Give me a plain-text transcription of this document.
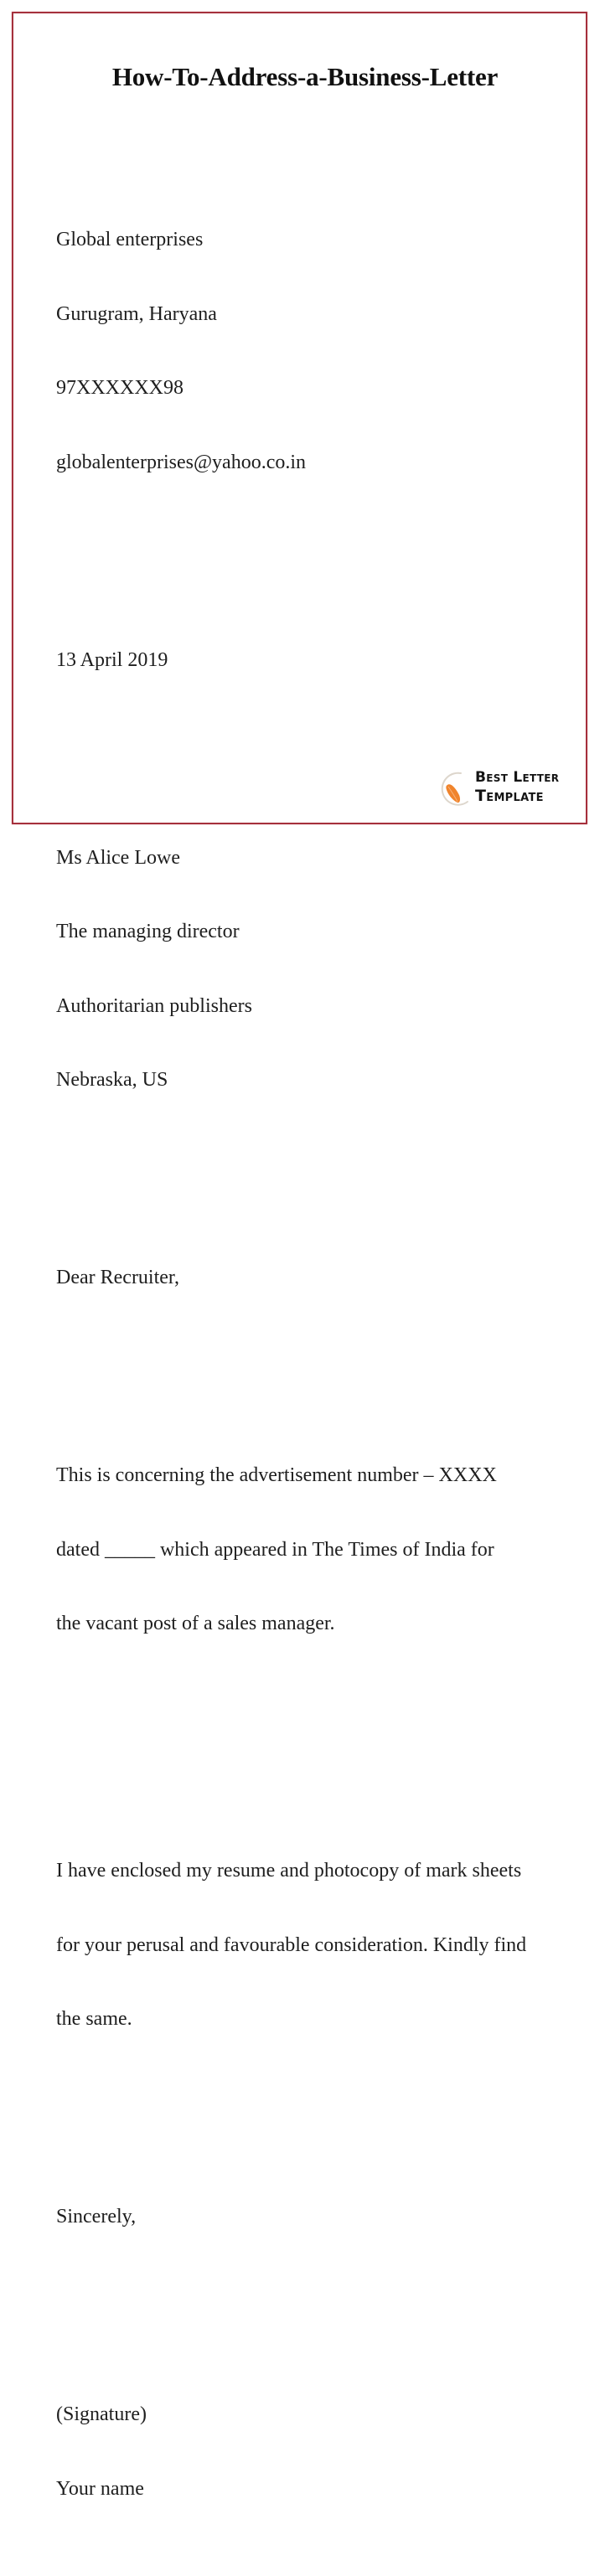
How-To-Address-a-Business-Letter

Global enterprises

Gurugram, Haryana

97XXXXXX98

globalenterprises@yahoo.co.in

13 April 2019

Ms Alice Lowe

The managing director

Authoritarian publishers

Nebraska, US

Dear Recruiter,

This is concerning the advertisement number – XXXX

dated _____ which appeared in The Times of India for

the vacant post of a sales manager.

I have enclosed my resume and photocopy of mark sheets

for your perusal and favourable consideration. Kindly find

the same.

Sincerely,

(Signature)

Your name

Best Letter
Template
